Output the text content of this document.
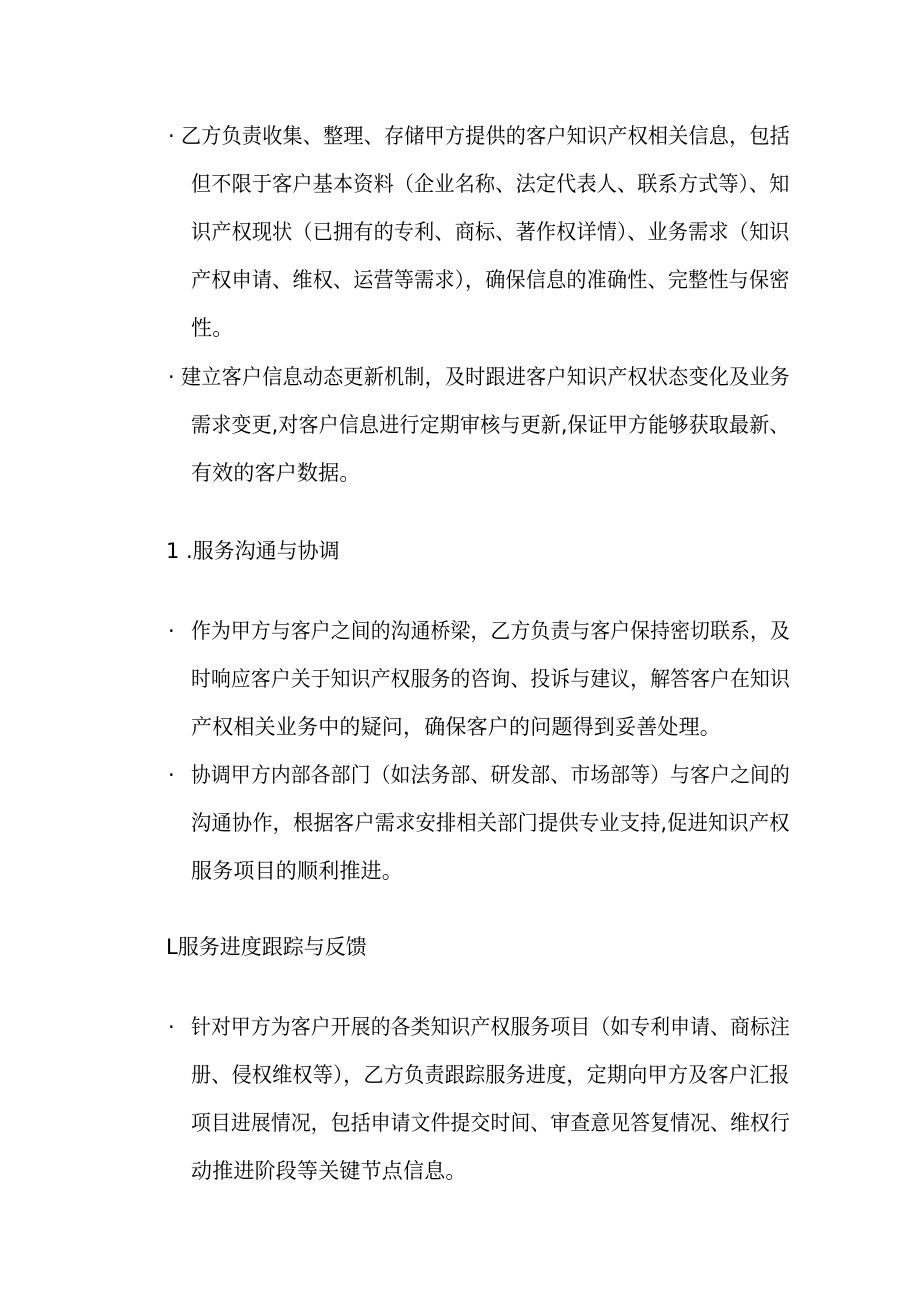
· 乙方负责收集、整理、存储甲方提供的客户知识产权相关信息，包括
但不限于客户基本资料（企业名称、法定代表人、联系方式等）、知
识产权现状（已拥有的专利、商标、著作权详情）、业务需求（知识
产权申请、维权、运营等需求），确保信息的准确性、完整性与保密
性。
· 建立客户信息动态更新机制，及时跟进客户知识产权状态变化及业务
需求变更,对客户信息进行定期审核与更新,保证甲方能够获取最新、
有效的客户数据。
1 .服务沟通与协调
· 作为甲方与客户之间的沟通桥梁，乙方负责与客户保持密切联系，及
时响应客户关于知识产权服务的咨询、投诉与建议，解答客户在知识
产权相关业务中的疑问，确保客户的问题得到妥善处理。
· 协调甲方内部各部门（如法务部、研发部、市场部等）与客户之间的
沟通协作，根据客户需求安排相关部门提供专业支持,促进知识产权
服务项目的顺利推进。
L服务进度跟踪与反馈
· 针对甲方为客户开展的各类知识产权服务项目（如专利申请、商标注
册、侵权维权等），乙方负责跟踪服务进度，定期向甲方及客户汇报
项目进展情况，包括申请文件提交时间、审查意见答复情况、维权行
动推进阶段等关键节点信息。
